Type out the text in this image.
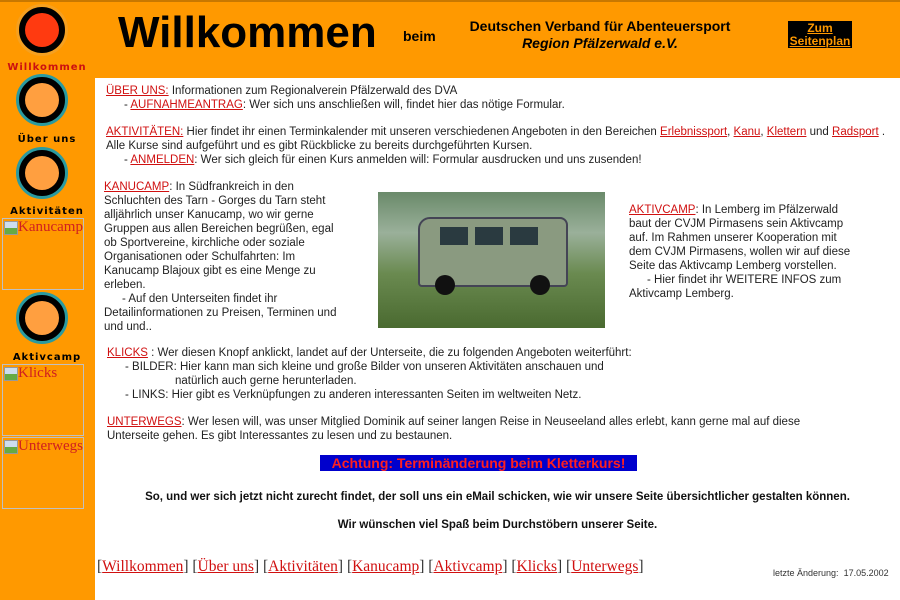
Willkommen beim
Deutschen Verband für Abenteuersport
Region Pfälzerwald e.V.
Zum
Seitenplan
Willkommen
Über uns
Aktivitäten
Kanucamp
Aktivcamp
Klicks
Unterwegs
ÜBER UNS: Informationen zum Regionalverein Pfälzerwald des DVA
- AUFNAHMEANTRAG: Wer sich uns anschließen will, findet hier das nötige Formular.
AKTIVITÄTEN: Hier findet ihr einen Terminkalender mit unseren verschiedenen Angeboten in den Bereichen Erlebnissport, Kanu, Klettern und Radsport . Alle Kurse sind aufgeführt und es gibt Rückblicke zu bereits durchgeführten Kursen.
- ANMELDEN: Wer sich gleich für einen Kurs anmelden will: Formular ausdrucken und uns zusenden!
KANUCAMP: In Südfrankreich in den Schluchten des Tarn - Gorges du Tarn steht alljährlich unser Kanucamp, wo wir gerne Gruppen aus allen Bereichen begrüßen, egal ob Sportvereine, kirchliche oder soziale Organisationen oder Schulfahrten: Im Kanucamp Blajoux gibt es eine Menge zu erleben.
- Auf den Unterseiten findet ihr Detailinformationen zu Preisen, Terminen und und und..
AKTIVCAMP: In Lemberg im Pfälzerwald baut der CVJM Pirmasens sein Aktivcamp auf. Im Rahmen unserer Kooperation mit dem CVJM Pirmasens, wollen wir auf diese Seite das Aktivcamp Lemberg vorstellen.
- Hier findet ihr WEITERE INFOS zum Aktivcamp Lemberg.
KLICKS : Wer diesen Knopf anklickt, landet auf der Unterseite, die zu folgenden Angeboten weiterführt:
- BILDER: Hier kann man sich kleine und große Bilder von unseren Aktivitäten anschauen und
natürlich auch gerne herunterladen.
- LINKS: Hier gibt es Verknüpfungen zu anderen interessanten Seiten im weltweiten Netz.
UNTERWEGS: Wer lesen will, was unser Mitglied Dominik auf seiner langen Reise in Neuseeland alles erlebt, kann gerne mal auf diese Unterseite gehen. Es gibt Interessantes zu lesen und zu bestaunen.
Achtung: Terminänderung beim Kletterkurs!
So, und wer sich jetzt nicht zurecht findet, der soll uns ein eMail schicken, wie wir unsere Seite übersichtlicher gestalten können.
Wir wünschen viel Spaß beim Durchstöbern unserer Seite.
[Willkommen] [Über uns] [Aktivitäten] [Kanucamp] [Aktivcamp] [Klicks] [Unterwegs]	letzte Änderung: 17.05.2002
